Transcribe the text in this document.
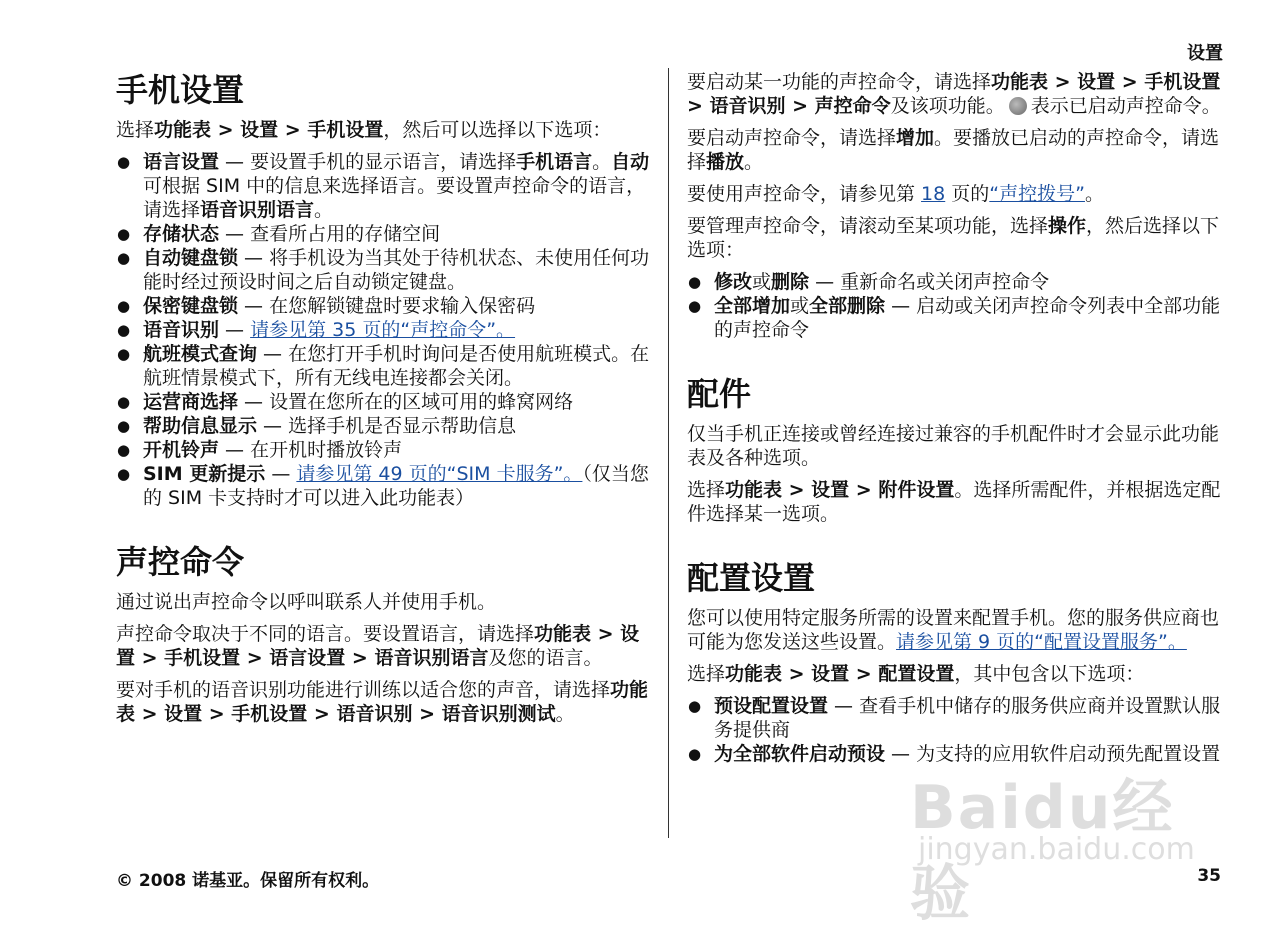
设置
手机设置

选择功能表 > 设置 > 手机设置，然后可以选择以下选项：

● 语言设置 — 要设置手机的显示语言，请选择手机语言。自动可根据 SIM 中的信息来选择语言。要设置声控命令的语言，请选择语音识别语言。
● 存储状态 — 查看所占用的存储空间
● 自动键盘锁 — 将手机设为当其处于待机状态、未使用任何功能时经过预设时间之后自动锁定键盘。
● 保密键盘锁 — 在您解锁键盘时要求输入保密码
● 语音识别 — 请参见第 35 页的“声控命令”。
● 航班模式查询 — 在您打开手机时询问是否使用航班模式。在航班情景模式下，所有无线电连接都会关闭。
● 运营商选择 — 设置在您所在的区域可用的蜂窝网络
● 帮助信息显示 — 选择手机是否显示帮助信息
● 开机铃声 — 在开机时播放铃声
● SIM 更新提示 — 请参见第 49 页的“SIM 卡服务”。（仅当您的 SIM 卡支持时才可以进入此功能表）
声控命令

通过说出声控命令以呼叫联系人并使用手机。

声控命令取决于不同的语言。要设置语言，请选择功能表 > 设置 > 手机设置 > 语言设置 > 语音识别语言及您的语言。

要对手机的语音识别功能进行训练以适合您的声音，请选择功能表 > 设置 > 手机设置 > 语音识别 > 语音识别测试。

要启动某一功能的声控命令，请选择功能表 > 设置 > 手机设置 > 语音识别 > 声控命令及该项功能。 表示已启动声控命令。

要启动声控命令，请选择增加。要播放已启动的声控命令，请选择播放。

要使用声控命令，请参见第 18 页的“声控拨号”。

要管理声控命令，请滚动至某项功能，选择操作，然后选择以下选项：

● 修改或删除 — 重新命名或关闭声控命令
● 全部增加或全部删除 — 启动或关闭声控命令列表中全部功能的声控命令
配件

仅当手机正连接或曾经连接过兼容的手机配件时才会显示此功能表及各种选项。

选择功能表 > 设置 > 附件设置。选择所需配件，并根据选定配件选择某一选项。

配置设置

您可以使用特定服务所需的设置来配置手机。您的服务供应商也可能为您发送这些设置。请参见第 9 页的“配置设置服务”。

选择功能表 > 设置 > 配置设置，其中包含以下选项：

● 预设配置设置 — 查看手机中储存的服务供应商并设置默认服务提供商
● 为全部软件启动预设 — 为支持的应用软件启动预先配置设置
Baidu经验
jingyan.baidu.com
© 2008 诺基亚。保留所有权利。	35
